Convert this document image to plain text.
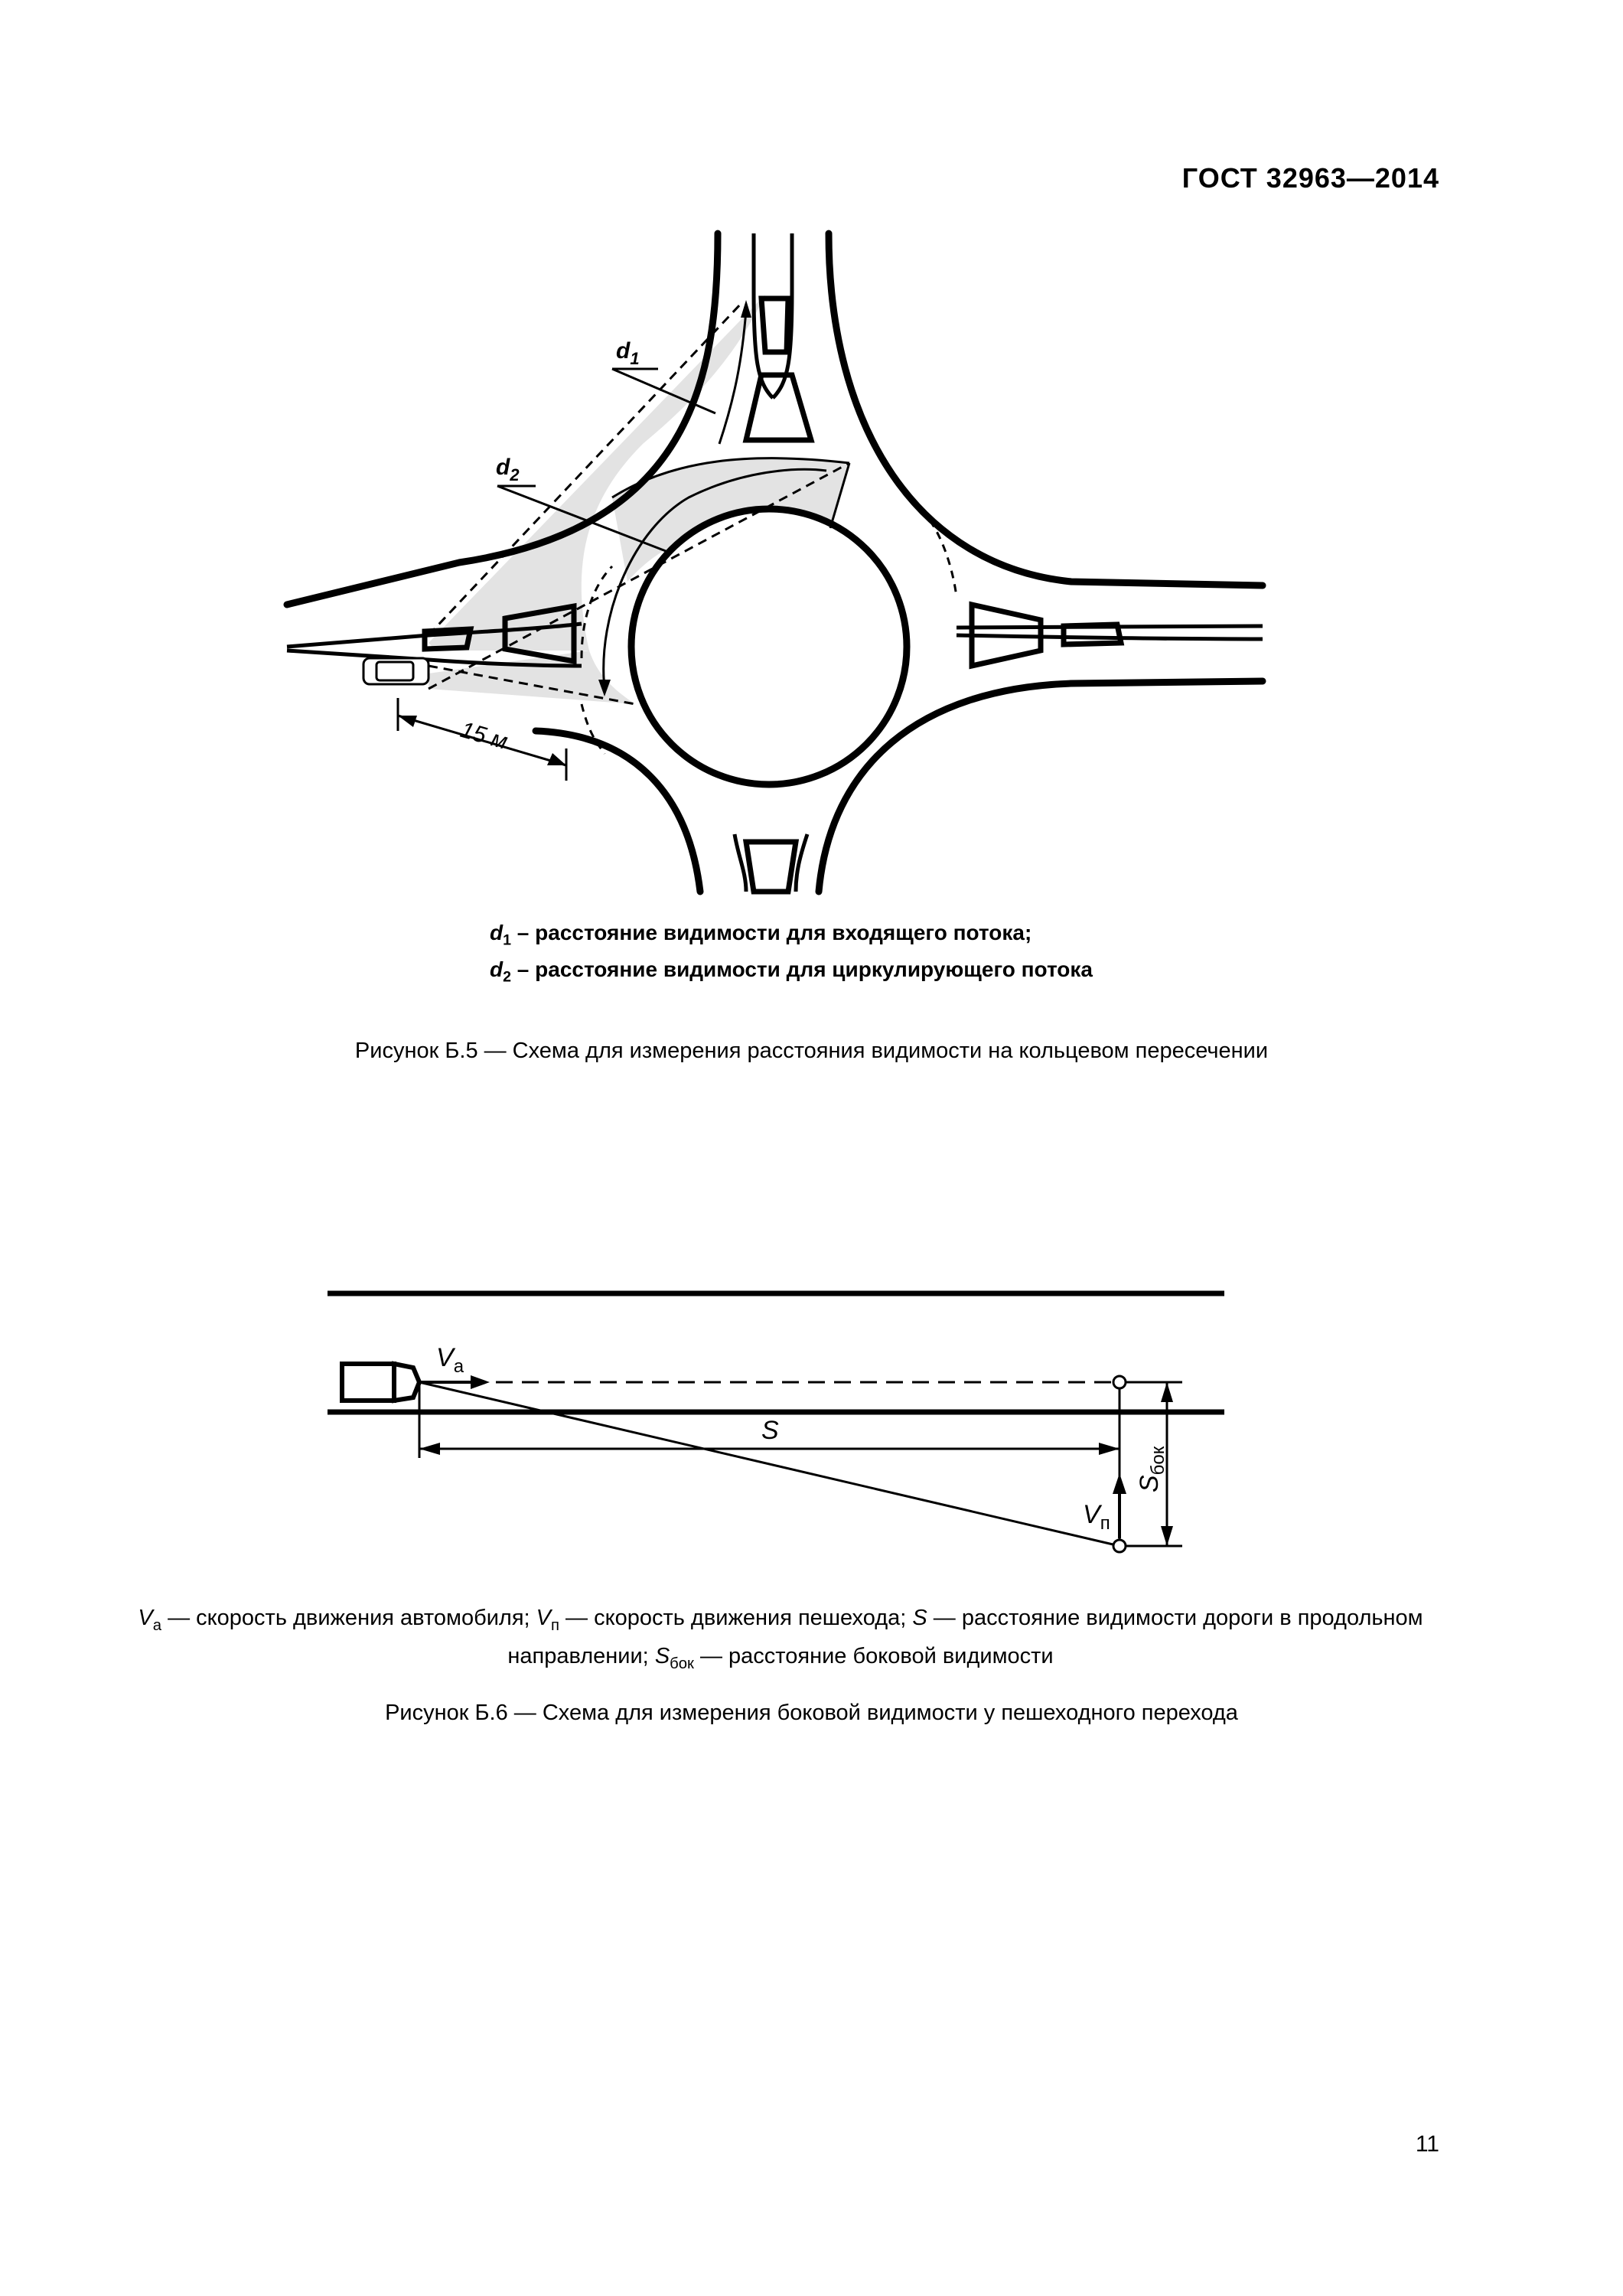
ГОСТ 32963—2014
15 м
$d_1$
$d_2$
$d_1$ – расстояние видимости для входящего потока;
$d_2$ – расстояние видимости для циркулирующего потока
Рисунок Б.5 — Схема для измерения расстояния видимости на кольцевом пересечении
$V_а$
S
$V_п$
$S_{бок}$
$V_а$ — скорость движения автомобиля; $V_п$ — скорость движения пешехода; S — расстояние видимости дороги в продольном направлении; $S_{бок}$ — расстояние боковой видимости
Рисунок Б.6 — Схема для измерения боковой видимости у пешеходного перехода
11
